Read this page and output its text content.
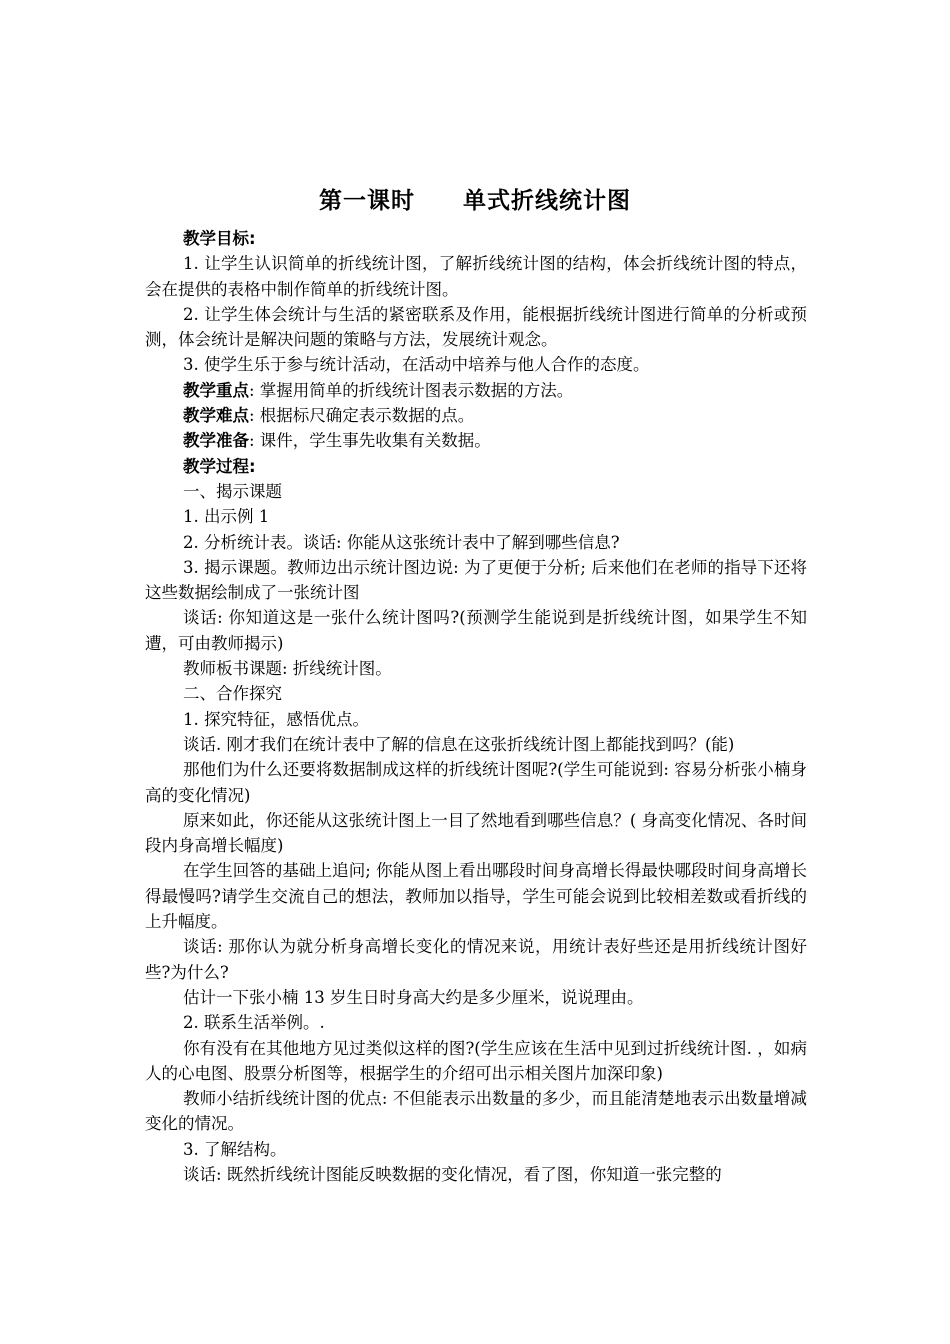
第一课时 单式折线统计图

教学目标:

1. 让学生认识简单的折线统计图，了解折线统计图的结构，体会折线统计图的特点，会在提供的表格中制作简单的折线统计图。

2. 让学生体会统计与生活的紧密联系及作用，能根据折线统计图进行简单的分析或预测，体会统计是解决问题的策略与方法，发展统计观念。

3. 使学生乐于参与统计活动，在活动中培养与他人合作的态度。

教学重点: 掌握用简单的折线统计图表示数据的方法。

教学难点: 根据标尺确定表示数据的点。

教学准备: 课件，学生事先收集有关数据。

教学过程:

一、揭示课题

1. 出示例 1

2. 分析统计表。谈话: 你能从这张统计表中了解到哪些信息?

3. 揭示课题。教师边出示统计图边说: 为了更便于分析; 后来他们在老师的指导下还将这些数据绘制成了一张统计图

谈话: 你知道这是一张什么统计图吗?(预测学生能说到是折线统计图，如果学生不知遭，可由教师揭示)

教师板书课题: 折线统计图。

二、合作探究

1. 探究特征，感悟优点。

谈话. 刚才我们在统计表中了解的信息在这张折线统计图上都能找到吗？(能)

那他们为什么还要将数据制成这样的折线统计图呢?(学生可能说到: 容易分析张小楠身高的变化情况)

原来如此，你还能从这张统计图上一目了然地看到哪些信息？( 身高变化情况、各时间段内身高增长幅度)

在学生回答的基础上追问; 你能从图上看出哪段时间身高增长得最快哪段时间身高增长得最慢吗?请学生交流自己的想法，教师加以指导，学生可能会说到比较相差数或看折线的上升幅度。

谈话: 那你认为就分析身高增长变化的情况来说，用统计表好些还是用折线统计图好些?为什么?

估计一下张小楠 13 岁生日时身高大约是多少厘米，说说理由。

2. 联系生活举例。.

你有没有在其他地方见过类似这样的图?(学生应该在生活中见到过折线统计图. ，如病人的心电图、股票分析图等，根据学生的介绍可出示相关图片加深印象)

教师小结折线统计图的优点: 不但能表示出数量的多少，而且能清楚地表示出数量增减变化的情况。

3. 了解结构。

谈话: 既然折线统计图能反映数据的变化情况，看了图，你知道一张完整的
